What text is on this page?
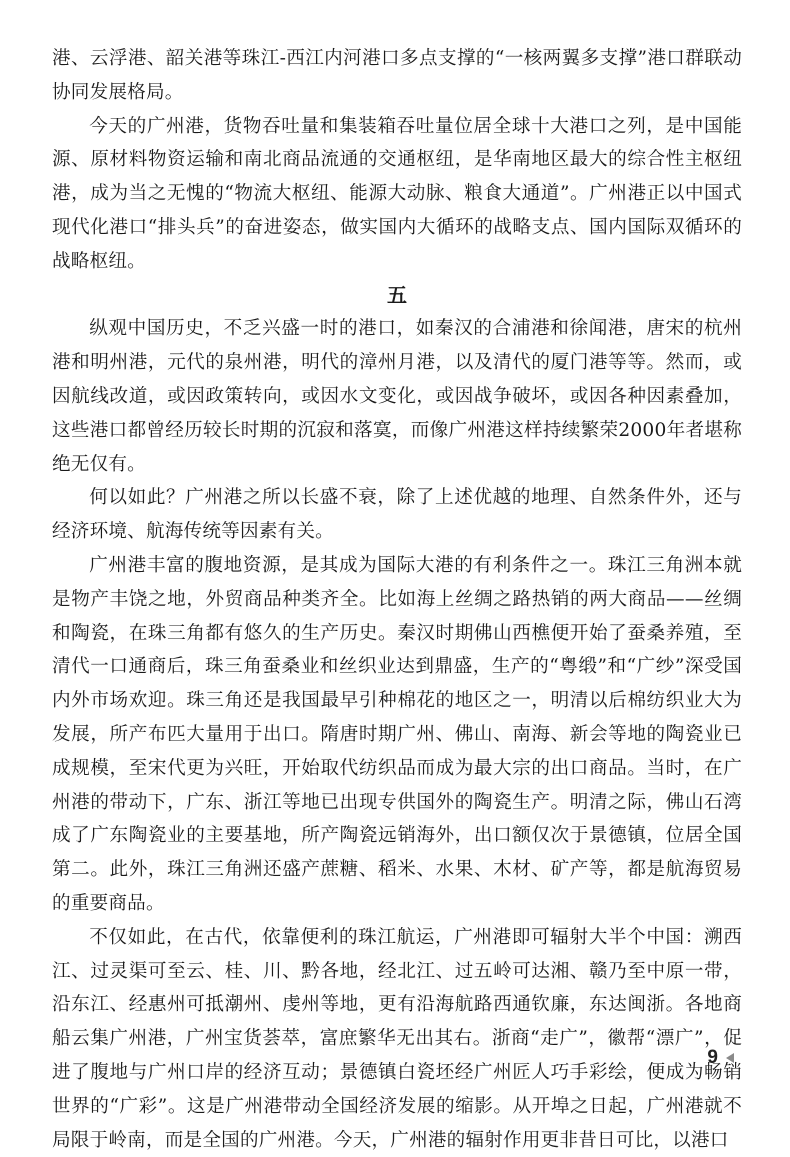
港、云浮港、韶关港等珠江-西江内河港口多点支撑的“一核两翼多支撑”港口群联动协同发展格局。

今天的广州港，货物吞吐量和集装箱吞吐量位居全球十大港口之列，是中国能源、原材料物资运输和南北商品流通的交通枢纽，是华南地区最大的综合性主枢纽港，成为当之无愧的“物流大枢纽、能源大动脉、粮食大通道”。广州港正以中国式现代化港口“排头兵”的奋进姿态，做实国内大循环的战略支点、国内国际双循环的战略枢纽。

五

纵观中国历史，不乏兴盛一时的港口，如秦汉的合浦港和徐闻港，唐宋的杭州港和明州港，元代的泉州港，明代的漳州月港，以及清代的厦门港等等。然而，或因航线改道，或因政策转向，或因水文变化，或因战争破坏，或因各种因素叠加，这些港口都曾经历较长时期的沉寂和落寞，而像广州港这样持续繁荣2000年者堪称绝无仅有。

何以如此？广州港之所以长盛不衰，除了上述优越的地理、自然条件外，还与经济环境、航海传统等因素有关。

广州港丰富的腹地资源，是其成为国际大港的有利条件之一。珠江三角洲本就是物产丰饶之地，外贸商品种类齐全。比如海上丝绸之路热销的两大商品——丝绸和陶瓷，在珠三角都有悠久的生产历史。秦汉时期佛山西樵便开始了蚕桑养殖，至清代一口通商后，珠三角蚕桑业和丝织业达到鼎盛，生产的“粤缎”和“广纱”深受国内外市场欢迎。珠三角还是我国最早引种棉花的地区之一，明清以后棉纺织业大为发展，所产布匹大量用于出口。隋唐时期广州、佛山、南海、新会等地的陶瓷业已成规模，至宋代更为兴旺，开始取代纺织品而成为最大宗的出口商品。当时，在广州港的带动下，广东、浙江等地已出现专供国外的陶瓷生产。明清之际，佛山石湾成了广东陶瓷业的主要基地，所产陶瓷远销海外，出口额仅次于景德镇，位居全国第二。此外，珠江三角洲还盛产蔗糖、稻米、水果、木材、矿产等，都是航海贸易的重要商品。

不仅如此，在古代，依靠便利的珠江航运，广州港即可辐射大半个中国：溯西江、过灵渠可至云、桂、川、黔各地，经北江、过五岭可达湘、赣乃至中原一带，沿东江、经惠州可抵潮州、虔州等地，更有沿海航路西通钦廉，东达闽浙。各地商船云集广州港，广州宝货荟萃，富庶繁华无出其右。浙商“走广”，徽帮“漂广”，促进了腹地与广州口岸的经济互动；景德镇白瓷坯经广州匠人巧手彩绘，便成为畅销世界的“广彩”。这是广州港带动全国经济发展的缩影。从开埠之日起，广州港就不局限于岭南，而是全国的广州港。今天，广州港的辐射作用更非昔日可比，以港口

9
